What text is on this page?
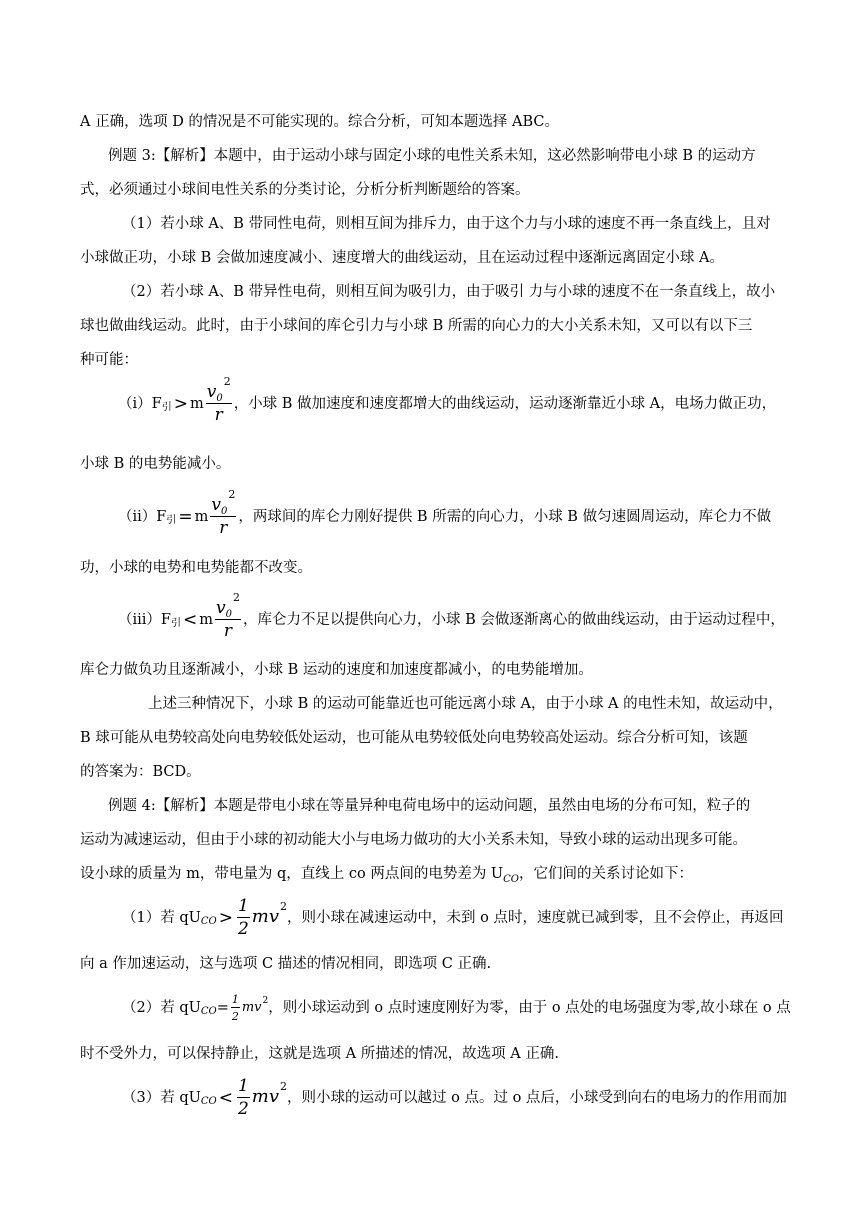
A 正确，选项 D 的情况是不可能实现的。综合分析，可知本题选择 ABC。
例题 3:【解析】本题中，由于运动小球与固定小球的电性关系未知，这必然影响带电小球 B 的运动方
式，必须通过小球间电性关系的分类讨论，分析分析判断题给的答案。
（1）若小球 A、B 带同性电荷，则相互间为排斥力，由于这个力与小球的速度不再一条直线上，且对
小球做正功，小球 B 会做加速度减小、速度增大的曲线运动，且在运动过程中逐渐远离固定小球 A。
（2）若小球 A、B 带异性电荷，则相互间为吸引力，由于吸引 力与小球的速度不在一条直线上，故小
球也做曲线运动。此时，由于小球间的库仑引力与小球 B 所需的向心力的大小关系未知，又可以有以下三
种可能：
（ⅰ）F 引 > m $\frac{v_0^2}{r}$ ，小球 B 做加速度和速度都增大的曲线运动，运动逐渐靠近小球 A，电场力做正功，
小球 B 的电势能减小。
（ⅱ）F 引 = m $\frac{v_0^2}{r}$ ，两球间的库仑力刚好提供 B 所需的向心力，小球 B 做匀速圆周运动，库仑力不做
功，小球的电势和电势能都不改变。
（ⅲ）F 引 < m $\frac{v_0^2}{r}$ ，库仑力不足以提供向心力，小球 B 会做逐渐离心的做曲线运动，由于运动过程中，
库仑力做负功且逐渐减小，小球 B 运动的速度和加速度都减小，的电势能增加。
上述三种情况下，小球 B 的运动可能靠近也可能远离小球 A，由于小球 A 的电性未知，故运动中，
B 球可能从电势较高处向电势较低处运动，也可能从电势较低处向电势较高处运动。综合分析可知，该题
的答案为：BCD。
例题 4:【解析】本题是带电小球在等量异种电荷电场中的运动问题，虽然由电场的分布可知，粒子的
运动为减速运动，但由于小球的初动能大小与电场力做功的大小关系未知，导致小球的运动出现多可能。
设小球的质量为 m，带电量为 q，直线上 co 两点间的电势差为 $U_{CO}$，它们间的关系讨论如下：
（1）若 qU CO > $\frac{1}{2} mv^2$
，则小球在减速运动中，未到 o 点时，速度就已减到零，且不会停止，再返回
向 a 作加速运动，这与选项 C 描述的情况相同，即选项 C 正确.
（2）若 qU CO = $\frac{1}{2} mv^2$ ，则小球运动到 o 点时速度刚好为零，由于 o 点处的电场强度为零,故小球在 o 点
时不受外力，可以保持静止，这就是选项 A 所描述的情况，故选项 A 正确.
（3）若 qU CO < $\frac{1}{2} mv^2$
，则小球的运动可以越过 o 点。过 o 点后，小球受到向右的电场力的作用而加
